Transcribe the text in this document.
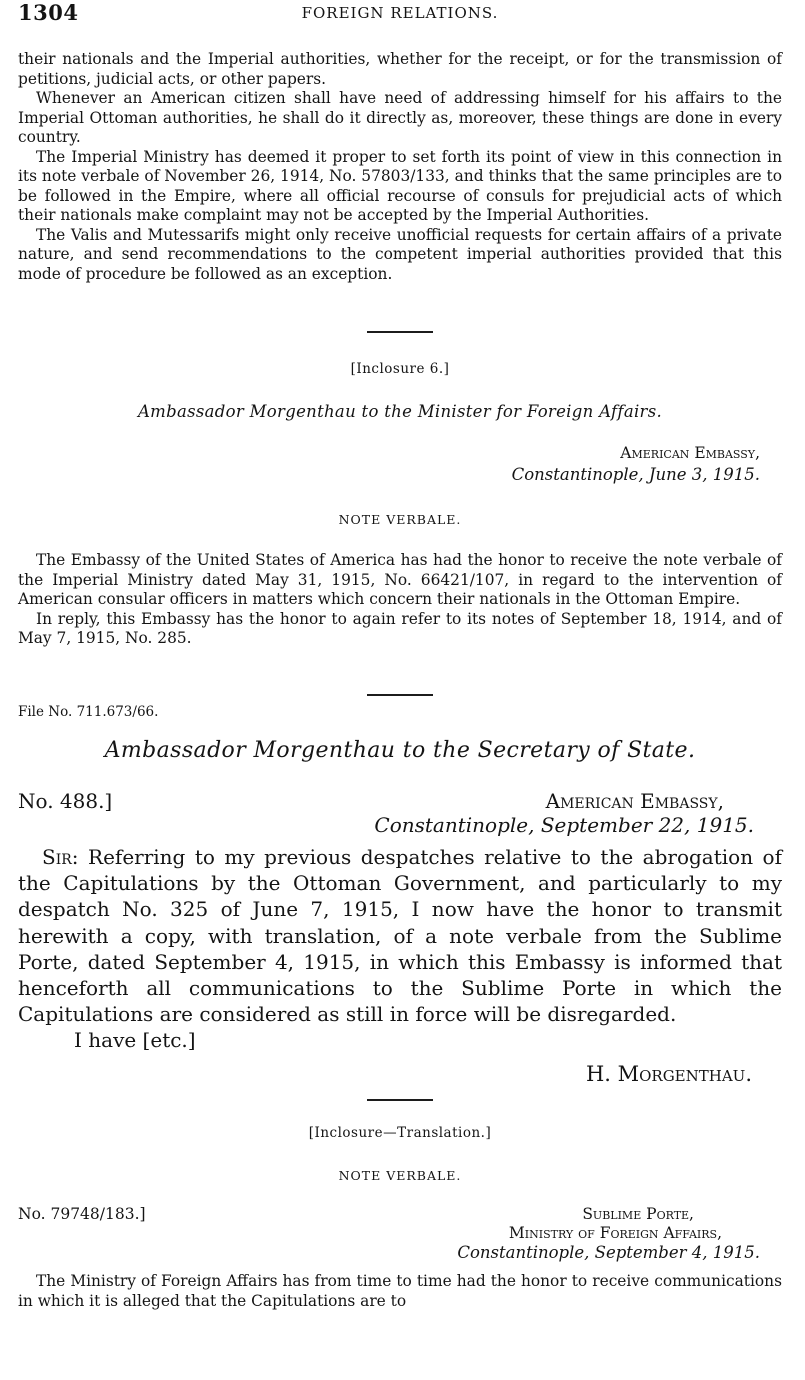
1304	FOREIGN RELATIONS.

their nationals and the Imperial authorities, whether for the receipt, or for the transmission of petitions, judicial acts, or other papers.

Whenever an American citizen shall have need of addressing himself for his affairs to the Imperial Ottoman authorities, he shall do it directly as, moreover, these things are done in every country.

The Imperial Ministry has deemed it proper to set forth its point of view in this connection in its note verbale of November 26, 1914, No. 57803/133, and thinks that the same principles are to be followed in the Empire, where all official recourse of consuls for prejudicial acts of which their nationals make complaint may not be accepted by the Imperial Authorities.

The Valis and Mutessarifs might only receive unofficial requests for certain affairs of a private nature, and send recommendations to the competent imperial authorities provided that this mode of procedure be followed as an exception.

[Inclosure 6.]
Ambassador Morgenthau to the Minister for Foreign Affairs.
American Embassy,
Constantinople, June 3, 1915.
NOTE VERBALE.

The Embassy of the United States of America has had the honor to receive the note verbale of the Imperial Ministry dated May 31, 1915, No. 66421/107, in regard to the intervention of American consular officers in matters which concern their nationals in the Ottoman Empire.

In reply, this Embassy has the honor to again refer to its notes of September 18, 1914, and of May 7, 1915, No. 285.

File No. 711.673/66.
Ambassador Morgenthau to the Secretary of State.
No. 488.]	American Embassy,
Constantinople, September 22, 1915.

Sir: Referring to my previous despatches relative to the abrogation of the Capitulations by the Ottoman Government, and particularly to my despatch No. 325 of June 7, 1915, I now have the honor to transmit herewith a copy, with translation, of a note verbale from the Sublime Porte, dated September 4, 1915, in which this Embassy is informed that henceforth all communications to the Sublime Porte in which the Capitulations are considered as still in force will be disregarded.

I have [etc.]

H. Morgenthau.
[Inclosure—Translation.]
NOTE VERBALE.
No. 79748/183.]	Sublime Porte,
Ministry of Foreign Affairs,
Constantinople, September 4, 1915.

The Ministry of Foreign Affairs has from time to time had the honor to receive communications in which it is alleged that the Capitulations are to
